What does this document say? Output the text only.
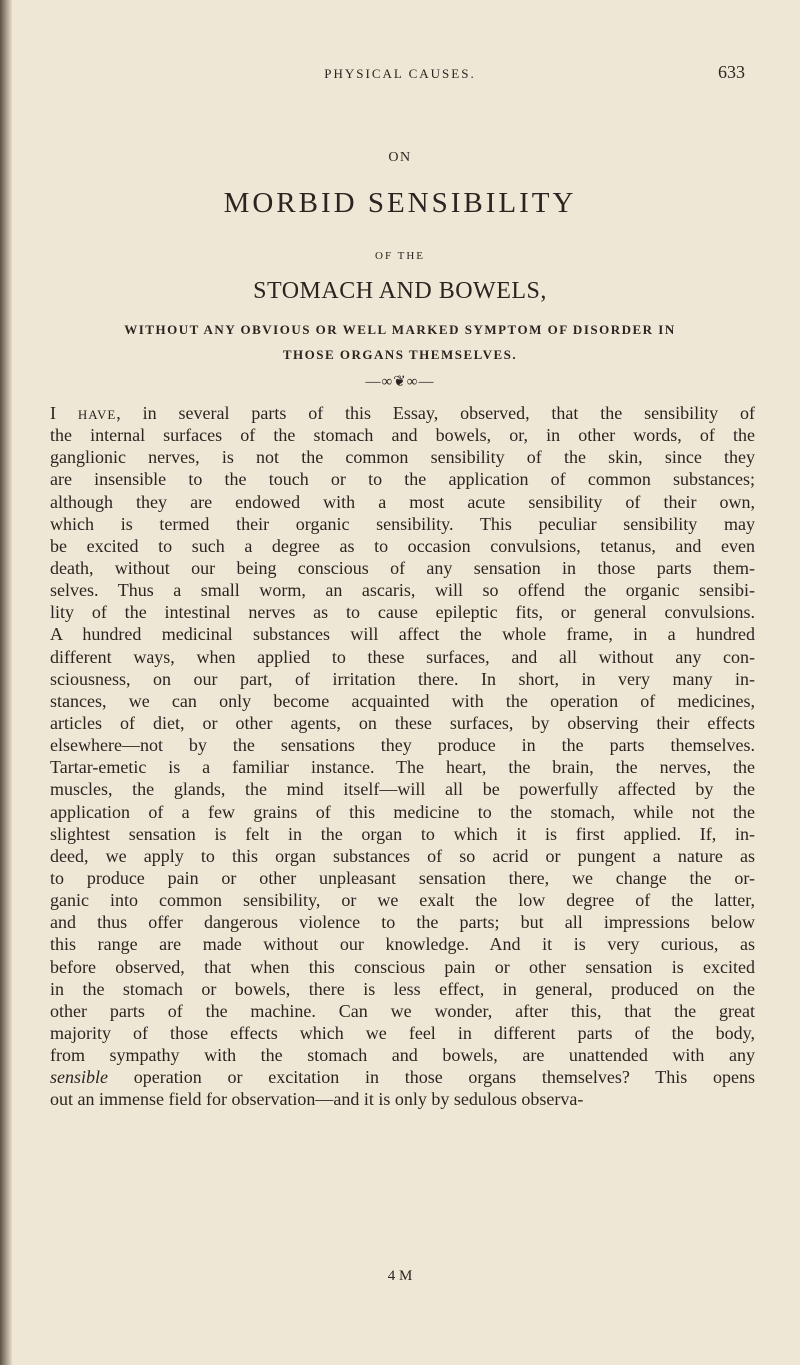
PHYSICAL CAUSES.	633
ON
MORBID SENSIBILITY
OF THE
STOMACH AND BOWELS,
WITHOUT ANY OBVIOUS OR WELL MARKED SYMPTOM OF DISORDER IN
THOSE ORGANS THEMSELVES.
—∞❦∞—
I have, in several parts of this Essay, observed, that the sensibility of
the internal surfaces of the stomach and bowels, or, in other words, of the
ganglionic nerves, is not the common sensibility of the skin, since they
are insensible to the touch or to the application of common substances;
although they are endowed with a most acute sensibility of their own,
which is termed their organic sensibility. This peculiar sensibility may
be excited to such a degree as to occasion convulsions, tetanus, and even
death, without our being conscious of any sensation in those parts them-
selves. Thus a small worm, an ascaris, will so offend the organic sensibi-
lity of the intestinal nerves as to cause epileptic fits, or general convulsions.
A hundred medicinal substances will affect the whole frame, in a hundred
different ways, when applied to these surfaces, and all without any con-
sciousness, on our part, of irritation there. In short, in very many in-
stances, we can only become acquainted with the operation of medicines,
articles of diet, or other agents, on these surfaces, by observing their effects
elsewhere—not by the sensations they produce in the parts themselves.
Tartar-emetic is a familiar instance. The heart, the brain, the nerves, the
muscles, the glands, the mind itself—will all be powerfully affected by the
application of a few grains of this medicine to the stomach, while not the
slightest sensation is felt in the organ to which it is first applied. If, in-
deed, we apply to this organ substances of so acrid or pungent a nature as
to produce pain or other unpleasant sensation there, we change the or-
ganic into common sensibility, or we exalt the low degree of the latter,
and thus offer dangerous violence to the parts; but all impressions below
this range are made without our knowledge. And it is very curious, as
before observed, that when this conscious pain or other sensation is excited
in the stomach or bowels, there is less effect, in general, produced on the
other parts of the machine. Can we wonder, after this, that the great
majority of those effects which we feel in different parts of the body,
from sympathy with the stomach and bowels, are unattended with any
sensible operation or excitation in those organs themselves? This opens
out an immense field for observation—and it is only by sedulous observa-
4 M
